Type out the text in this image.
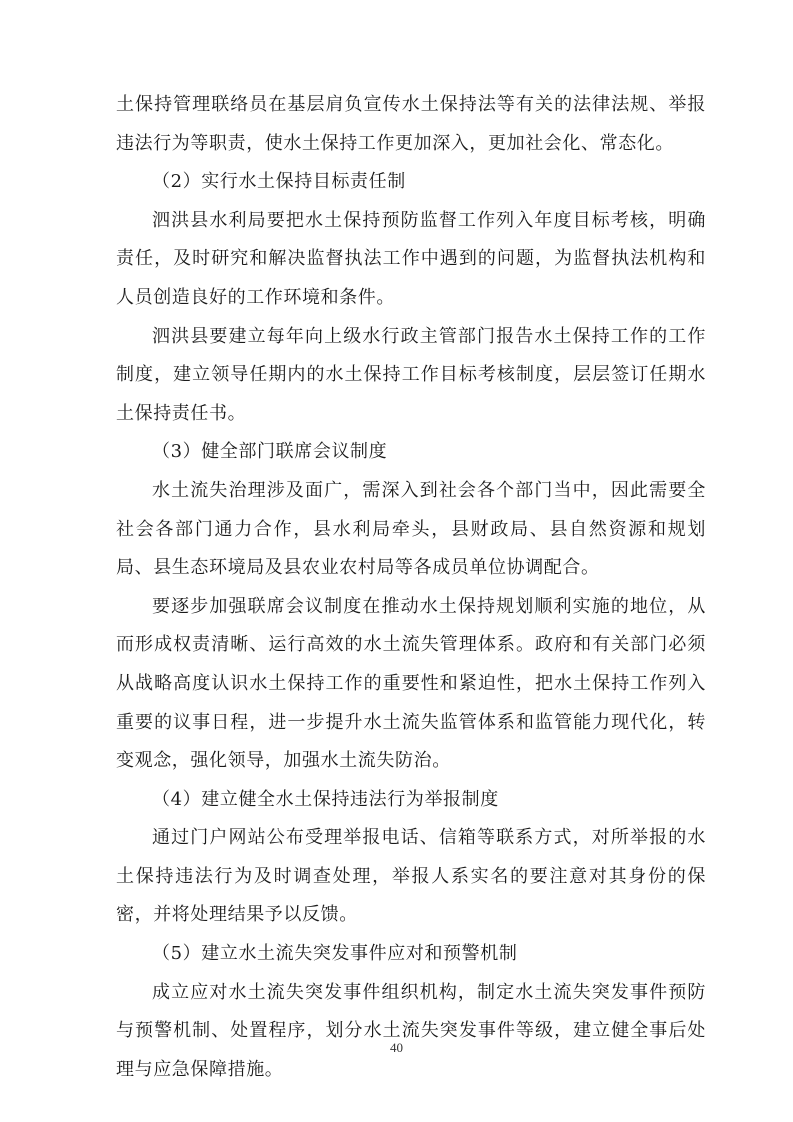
土保持管理联络员在基层肩负宣传水土保持法等有关的法律法规、举报违法行为等职责，使水土保持工作更加深入，更加社会化、常态化。

（2）实行水土保持目标责任制

泗洪县水利局要把水土保持预防监督工作列入年度目标考核，明确责任，及时研究和解决监督执法工作中遇到的问题，为监督执法机构和人员创造良好的工作环境和条件。

泗洪县要建立每年向上级水行政主管部门报告水土保持工作的工作制度，建立领导任期内的水土保持工作目标考核制度，层层签订任期水土保持责任书。

（3）健全部门联席会议制度

水土流失治理涉及面广，需深入到社会各个部门当中，因此需要全社会各部门通力合作，县水利局牵头，县财政局、县自然资源和规划局、县生态环境局及县农业农村局等各成员单位协调配合。

要逐步加强联席会议制度在推动水土保持规划顺利实施的地位，从而形成权责清晰、运行高效的水土流失管理体系。政府和有关部门必须从战略高度认识水土保持工作的重要性和紧迫性，把水土保持工作列入重要的议事日程，进一步提升水土流失监管体系和监管能力现代化，转变观念，强化领导，加强水土流失防治。

（4）建立健全水土保持违法行为举报制度

通过门户网站公布受理举报电话、信箱等联系方式，对所举报的水土保持违法行为及时调查处理，举报人系实名的要注意对其身份的保密，并将处理结果予以反馈。

（5）建立水土流失突发事件应对和预警机制

成立应对水土流失突发事件组织机构，制定水土流失突发事件预防与预警机制、处置程序，划分水土流失突发事件等级，建立健全事后处理与应急保障措施。

40
